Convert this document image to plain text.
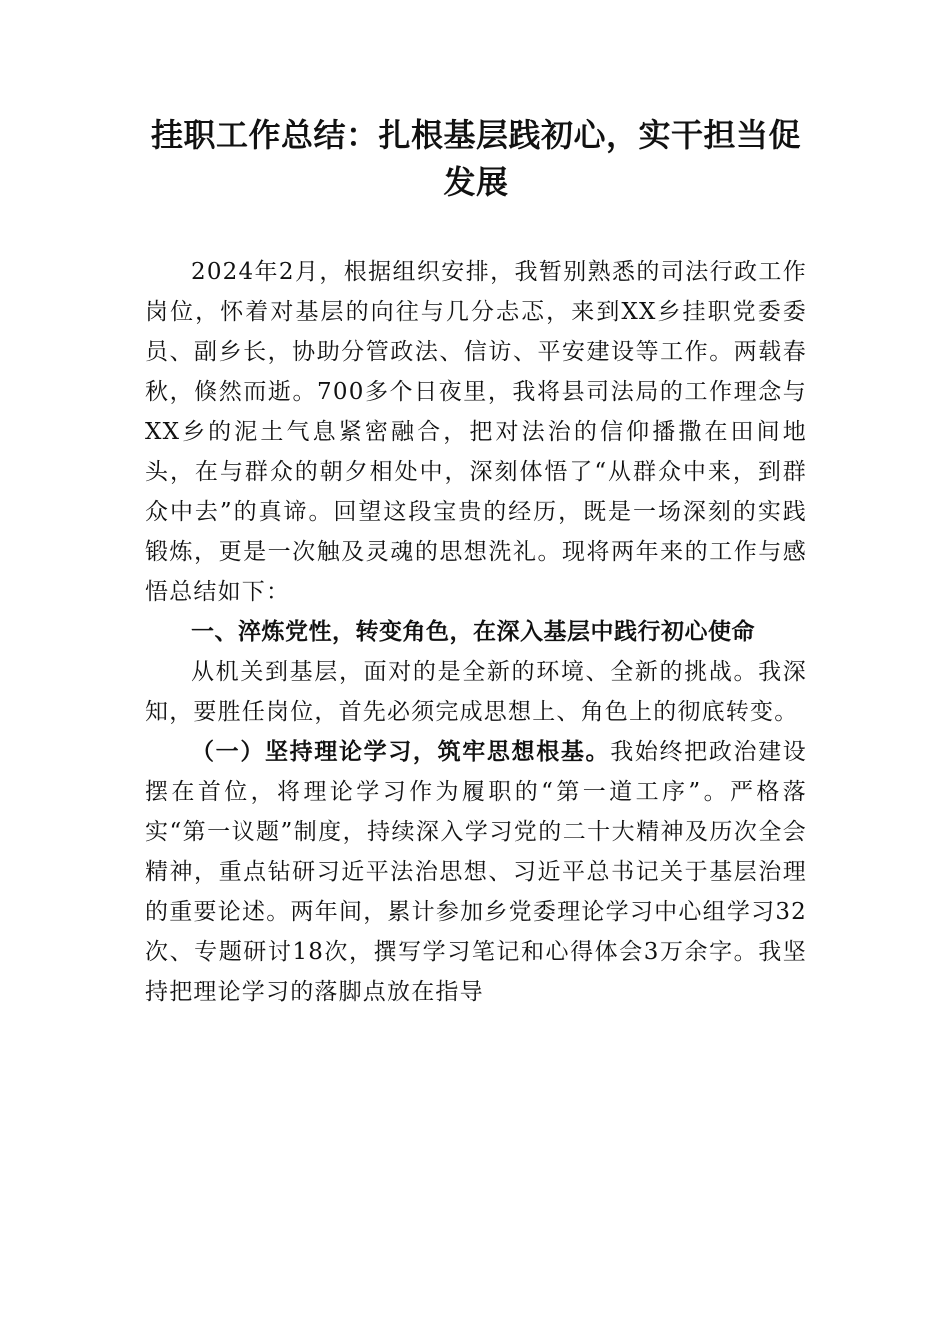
挂职工作总结：扎根基层践初心，实干担当促发展

2024年2月，根据组织安排，我暂别熟悉的司法行政工作岗位，怀着对基层的向往与几分忐忑，来到XX乡挂职党委委员、副乡长，协助分管政法、信访、平安建设等工作。两载春秋，倏然而逝。700多个日夜里，我将县司法局的工作理念与XX乡的泥土气息紧密融合，把对法治的信仰播撒在田间地头，在与群众的朝夕相处中，深刻体悟了“从群众中来，到群众中去”的真谛。回望这段宝贵的经历，既是一场深刻的实践锻炼，更是一次触及灵魂的思想洗礼。现将两年来的工作与感悟总结如下：

一、淬炼党性，转变角色，在深入基层中践行初心使命

从机关到基层，面对的是全新的环境、全新的挑战。我深知，要胜任岗位，首先必须完成思想上、角色上的彻底转变。

（一）坚持理论学习，筑牢思想根基。我始终把政治建设摆在首位，将理论学习作为履职的“第一道工序”。严格落实“第一议题”制度，持续深入学习党的二十大精神及历次全会精神，重点钻研习近平法治思想、习近平总书记关于基层治理的重要论述。两年间，累计参加乡党委理论学习中心组学习32次、专题研讨18次，撰写学习笔记和心得体会3万余字。我坚持把理论学习的落脚点放在指导
